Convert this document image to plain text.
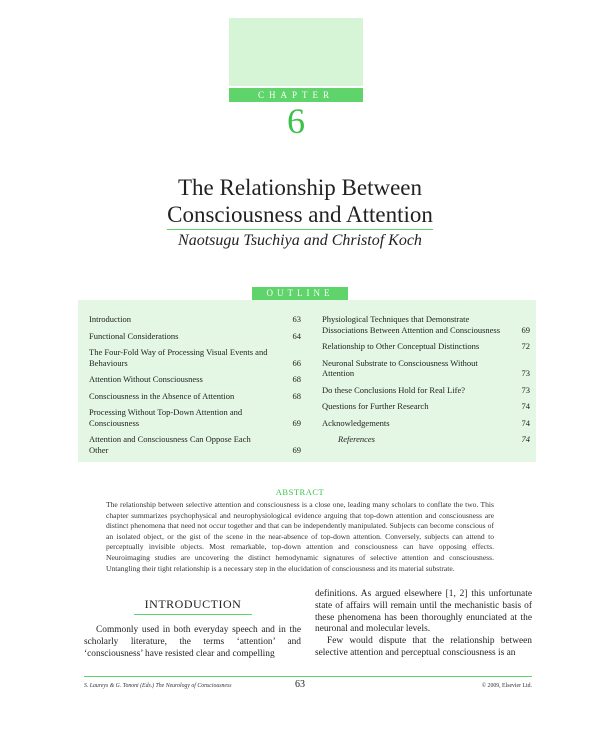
CHAPTER
6
The Relationship Between
Consciousness and Attention
Naotsugu Tsuchiya and Christof Koch
OUTLINE
Introduction	63
Functional Considerations	64
The Four-Fold Way of Processing Visual Events and Behaviours	66
Attention Without Consciousness	68
Consciousness in the Absence of Attention	68
Processing Without Top-Down Attention and Consciousness	69
Attention and Consciousness Can Oppose Each Other	69
Physiological Techniques that Demonstrate Dissociations Between Attention and Consciousness	69
Relationship to Other Conceptual Distinctions	72
Neuronal Substrate to Consciousness Without Attention	73
Do these Conclusions Hold for Real Life?	73
Questions for Further Research	74
Acknowledgements	74
References	74
ABSTRACT
The relationship between selective attention and consciousness is a close one, leading many scholars to conflate the two. This chapter summarizes psychophysical and neurophysiological evidence arguing that top-down attention and consciousness are distinct phenomena that need not occur together and that can be independently manipulated. Subjects can become conscious of an isolated object, or the gist of the scene in the near-absence of top-down attention. Conversely, subjects can attend to perceptually invisible objects. Most remarkable, top-down attention and consciousness can have opposing effects. Neuroimaging studies are uncovering the distinct hemodynamic signatures of selective attention and consciousness. Untangling their tight relationship is a necessary step in the elucidation of consciousness and its material substrate.
INTRODUCTION
Commonly used in both everyday speech and in the scholarly literature, the terms ‘attention’ and ‘consciousness’ have resisted clear and compelling

definitions. As argued elsewhere [1, 2] this unfortunate state of affairs will remain until the mechanistic basis of these phenomena has been thoroughly enunciated at the neuronal and molecular levels.

Few would dispute that the relationship between selective attention and perceptual consciousness is an

S. Laureys & G. Tononi (Eds.) The Neurology of Consciousness	63	© 2009, Elsevier Ltd.
